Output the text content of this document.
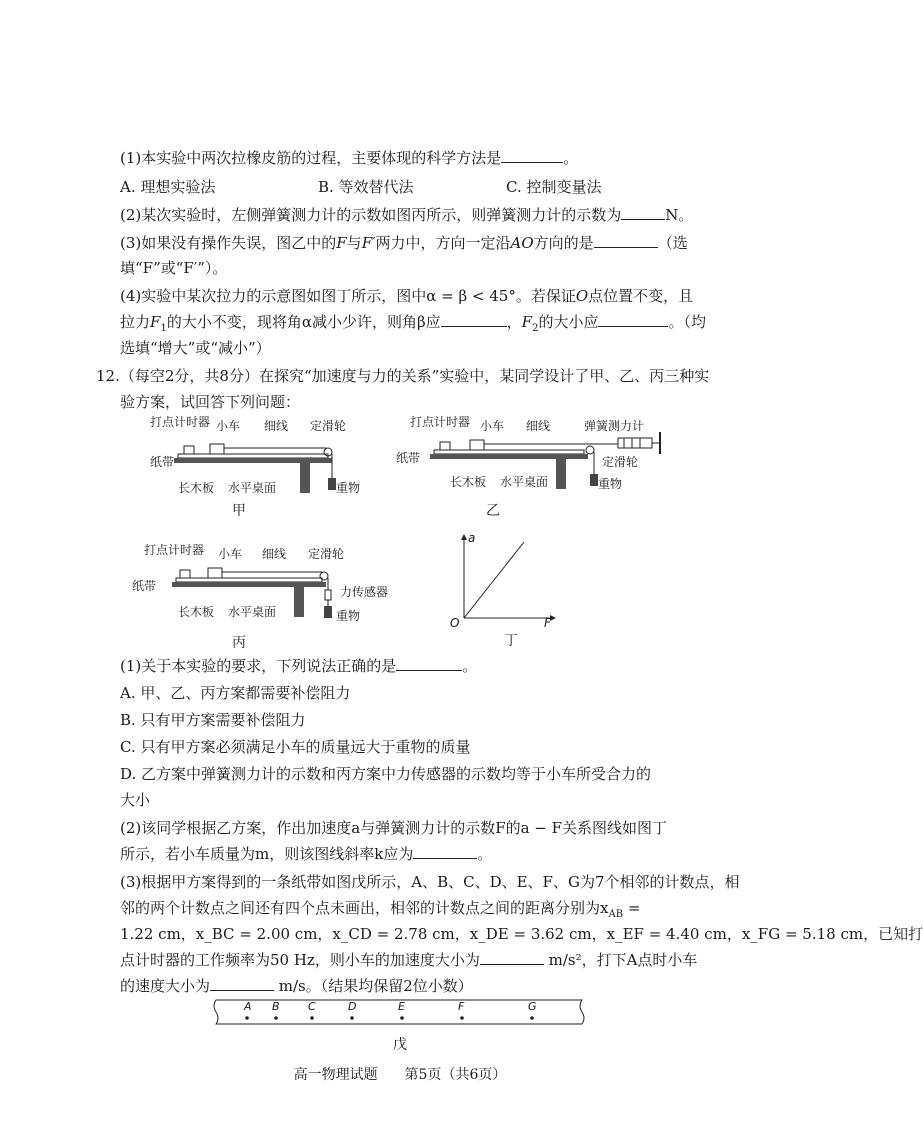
(1)本实验中两次拉橡皮筋的过程，主要体现的科学方法是	。
A. 理想实验法	B. 等效替代法	C. 控制变量法
(2)某次实验时，左侧弹簧测力计的示数如图丙所示，则弹簧测力计的示数为	N。
(3)如果没有操作失误，图乙中的F与F′两力中，方向一定沿AO方向的是	（选
填“F”或“F′”）。
(4)实验中某次拉力的示意图如图丁所示，图中α = β < 45°。若保证O点位置不变，且
拉力$F_1$的大小不变，现将角α减小少许，则角β应	，$F_2$的大小应	。（均
选填“增大”或“减小”）
12.（每空2分，共8分）在探究“加速度与力的关系”实验中，某同学设计了甲、乙、丙三种实
验方案，试回答下列问题：
打点计时器 小车 细线 定滑轮
纸带
长木板 水平桌面	重物
甲
打点计时器 小车 细线	弹簧测力计
纸带	定滑轮
长木板 水平桌面	重物
乙
打点计时器 小车 细线 定滑轮
纸带	力传感器
长木板 水平桌面	重物
丙
a
F
O
丁
(1)关于本实验的要求，下列说法正确的是	。
A. 甲、乙、丙方案都需要补偿阻力
B. 只有甲方案需要补偿阻力
C. 只有甲方案必须满足小车的质量远大于重物的质量
D. 乙方案中弹簧测力计的示数和丙方案中力传感器的示数均等于小车所受合力的
大小
(2)该同学根据乙方案，作出加速度a与弹簧测力计的示数F的a − F关系图线如图丁
所示，若小车质量为m，则该图线斜率k应为	。
(3)根据甲方案得到的一条纸带如图戊所示，A、B、C、D、E、F、G为7个相邻的计数点，相
邻的两个计数点之间还有四个点未画出，相邻的计数点之间的距离分别为$x_{AB}$ =
1.22 cm，x_BC = 2.00 cm，x_CD = 2.78 cm，x_DE = 3.62 cm，x_EF = 4.40 cm，x_FG = 5.18 cm，已知打
点计时器的工作频率为50 Hz，则小车的加速度大小为	m/s²，打下A点时小车
的速度大小为	m/s。（结果均保留2位小数）
A B	C	D	E	F	G
戊
高一物理试题 第5页（共6页）
